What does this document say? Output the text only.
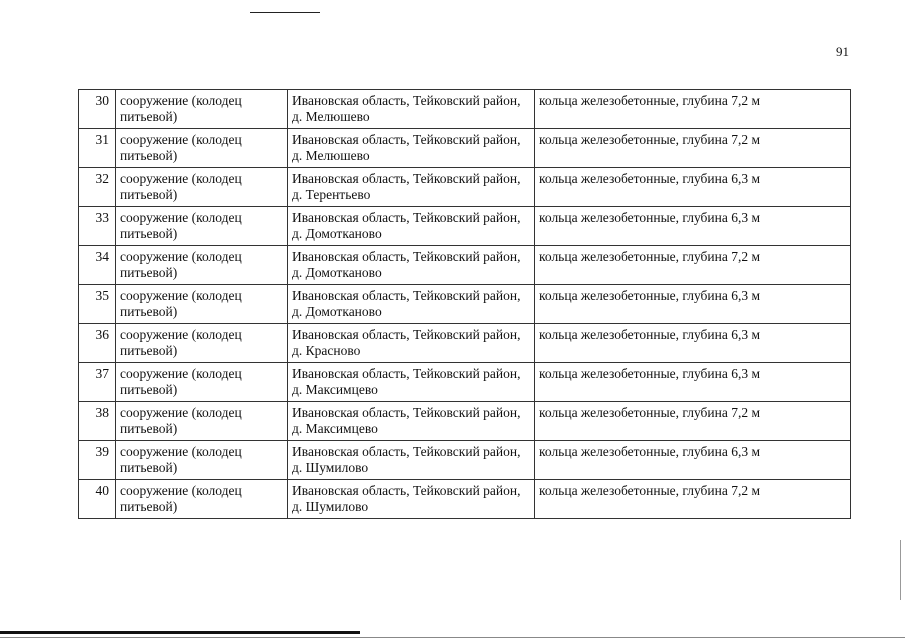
91
30	сооружение (колодец питьевой)	Ивановская область, Тейковский район, д. Мелюшево	кольца железобетонные, глубина 7,2 м
31	сооружение (колодец питьевой)	Ивановская область, Тейковский район, д. Мелюшево	кольца железобетонные, глубина 7,2 м
32	сооружение (колодец питьевой)	Ивановская область, Тейковский район, д. Терентьево	кольца железобетонные, глубина 6,3 м
33	сооружение (колодец питьевой)	Ивановская область, Тейковский район, д. Домотканово	кольца железобетонные, глубина 6,3 м
34	сооружение (колодец питьевой)	Ивановская область, Тейковский район, д. Домотканово	кольца железобетонные, глубина 7,2 м
35	сооружение (колодец питьевой)	Ивановская область, Тейковский район, д. Домотканово	кольца железобетонные, глубина 6,3 м
36	сооружение (колодец питьевой)	Ивановская область, Тейковский район, д. Красново	кольца железобетонные, глубина 6,3 м
37	сооружение (колодец питьевой)	Ивановская область, Тейковский район, д. Максимцево	кольца железобетонные, глубина 6,3 м
38	сооружение (колодец питьевой)	Ивановская область, Тейковский район, д. Максимцево	кольца железобетонные, глубина 7,2 м
39	сооружение (колодец питьевой)	Ивановская область, Тейковский район, д. Шумилово	кольца железобетонные, глубина 6,3 м
40	сооружение (колодец питьевой)	Ивановская область, Тейковский район, д. Шумилово	кольца железобетонные, глубина 7,2 м
